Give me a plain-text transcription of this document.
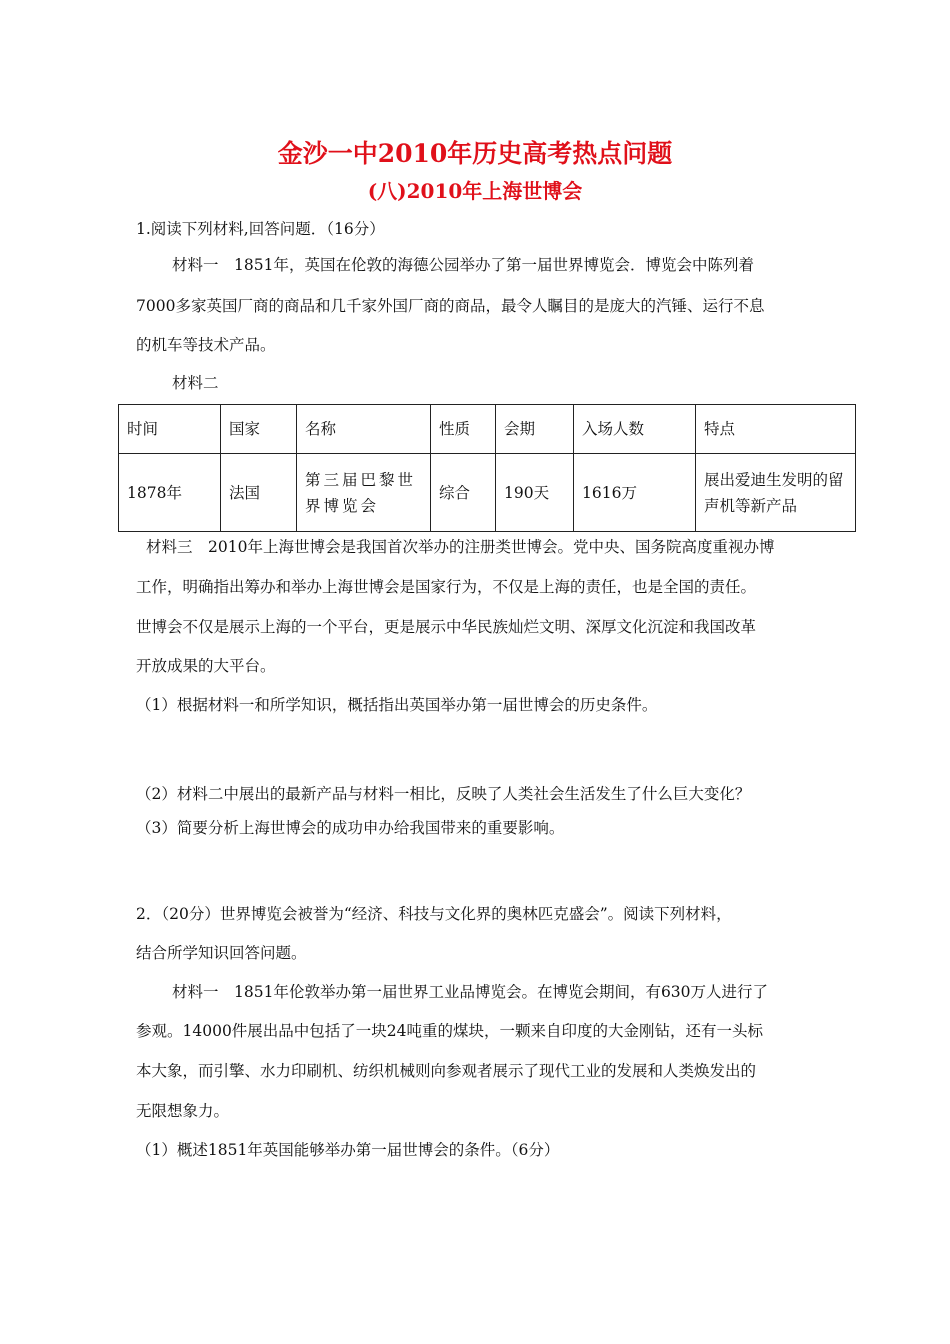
金沙一中2010年历史高考热点问题
(八)2010年上海世博会
1.阅读下列材料,回答问题．（16分）
材料一　1851年，英国在伦敦的海德公园举办了第一届世界博览会．博览会中陈列着
7000多家英国厂商的商品和几千家外国厂商的商品，最令人瞩目的是庞大的汽锤、运行不息
的机车等技术产品。
材料二
时间	国家	名称	性质	会期	入场人数	特点
1878年	法国	第三届巴黎世界博览会	综合	190天	1616万	展出爱迪生发明的留声机等新产品
材料三　2010年上海世博会是我国首次举办的注册类世博会。党中央、国务院高度重视办博
工作，明确指出筹办和举办上海世博会是国家行为，不仅是上海的责任，也是全国的责任。
世博会不仅是展示上海的一个平台，更是展示中华民族灿烂文明、深厚文化沉淀和我国改革
开放成果的大平台。
（1）根据材料一和所学知识，概括指出英国举办第一届世博会的历史条件。
（2）材料二中展出的最新产品与材料一相比，反映了人类社会生活发生了什么巨大变化？
（3）简要分析上海世博会的成功申办给我国带来的重要影响。
2．（20分）世界博览会被誉为“经济、科技与文化界的奥林匹克盛会”。阅读下列材料，
结合所学知识回答问题。
材料一　1851年伦敦举办第一届世界工业品博览会。在博览会期间，有630万人进行了
参观。14000件展出品中包括了一块24吨重的煤块，一颗来自印度的大金刚钻，还有一头标
本大象，而引擎、水力印刷机、纺织机械则向参观者展示了现代工业的发展和人类焕发出的
无限想象力。
（1）概述1851年英国能够举办第一届世博会的条件。（6分）
